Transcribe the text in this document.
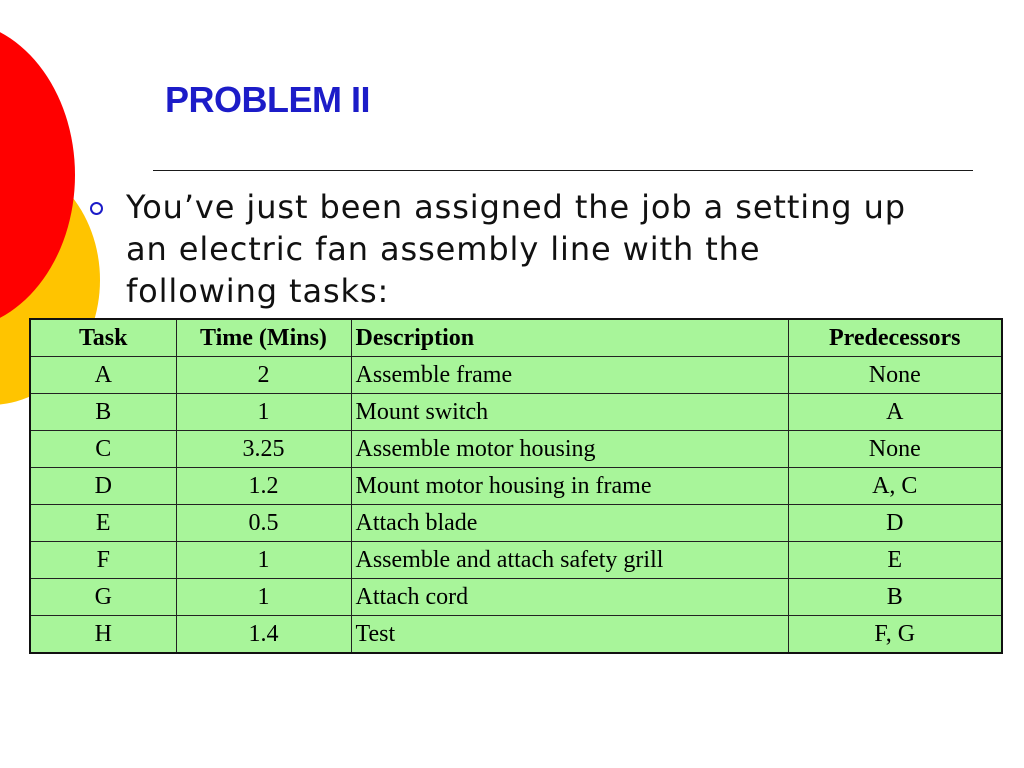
PROBLEM II

You’ve just been assigned the job a setting up an electric fan assembly line with the following tasks:

Task	Time (Mins)	Description	Predecessors
A	2	Assemble frame	None
B	1	Mount switch	A
C	3.25	Assemble motor housing	None
D	1.2	Mount motor housing in frame	A, C
E	0.5	Attach blade	D
F	1	Assemble and attach safety grill	E
G	1	Attach cord	B
H	1.4	Test	F, G
